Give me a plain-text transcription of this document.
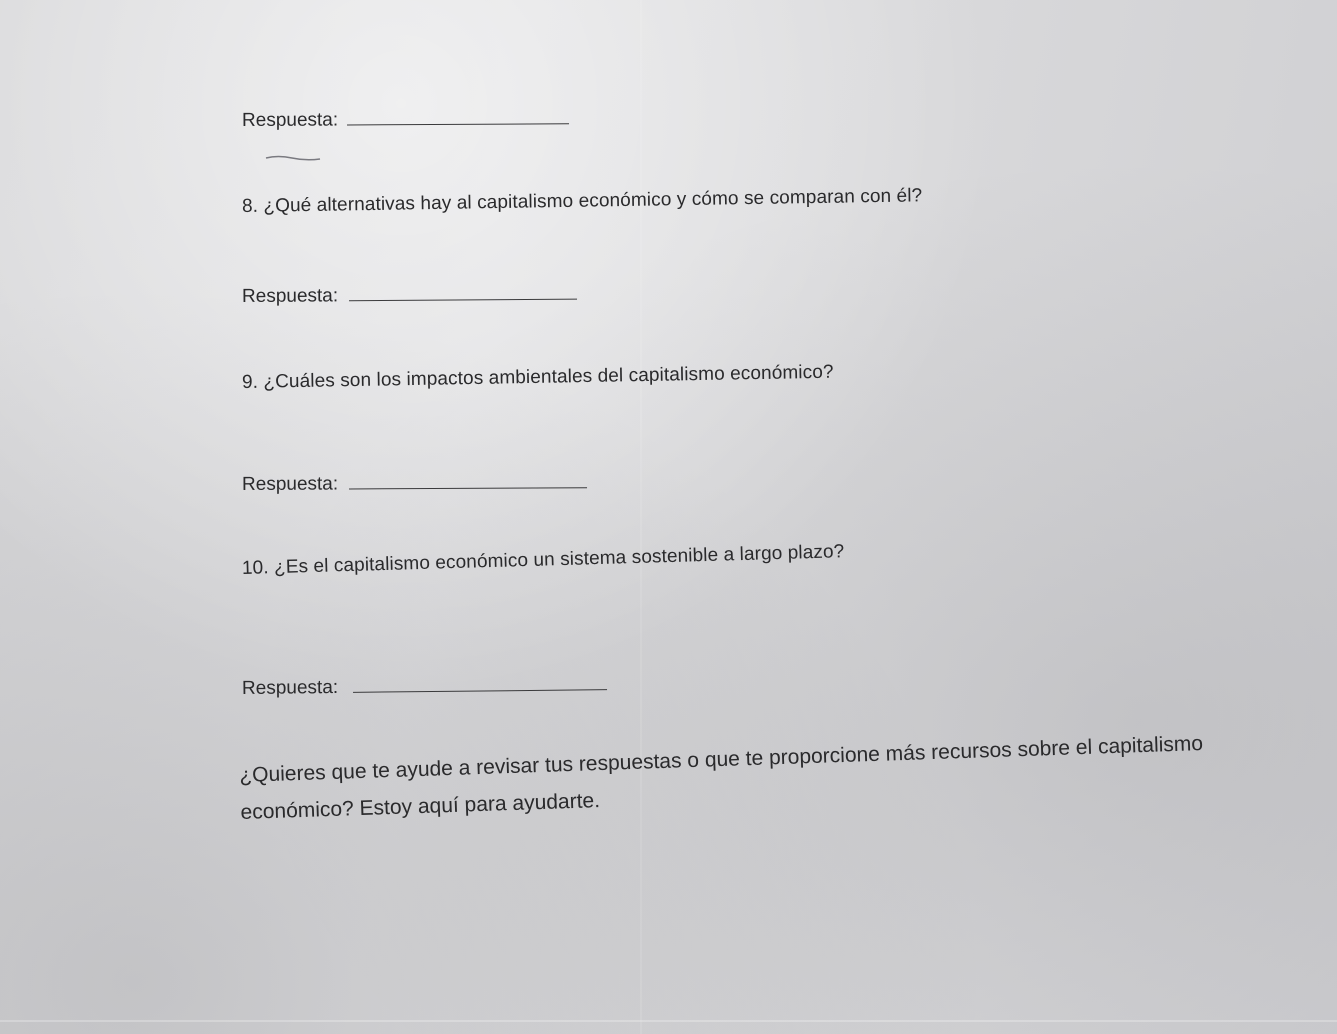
Respuesta:
8. ¿Qué alternativas hay al capitalismo económico y cómo se comparan con él?
Respuesta:
9. ¿Cuáles son los impactos ambientales del capitalismo económico?
Respuesta:
10. ¿Es el capitalismo económico un sistema sostenible a largo plazo?
Respuesta:
¿Quieres que te ayude a revisar tus respuestas o que te proporcione más recursos sobre el capitalismo económico? Estoy aquí para ayudarte.
